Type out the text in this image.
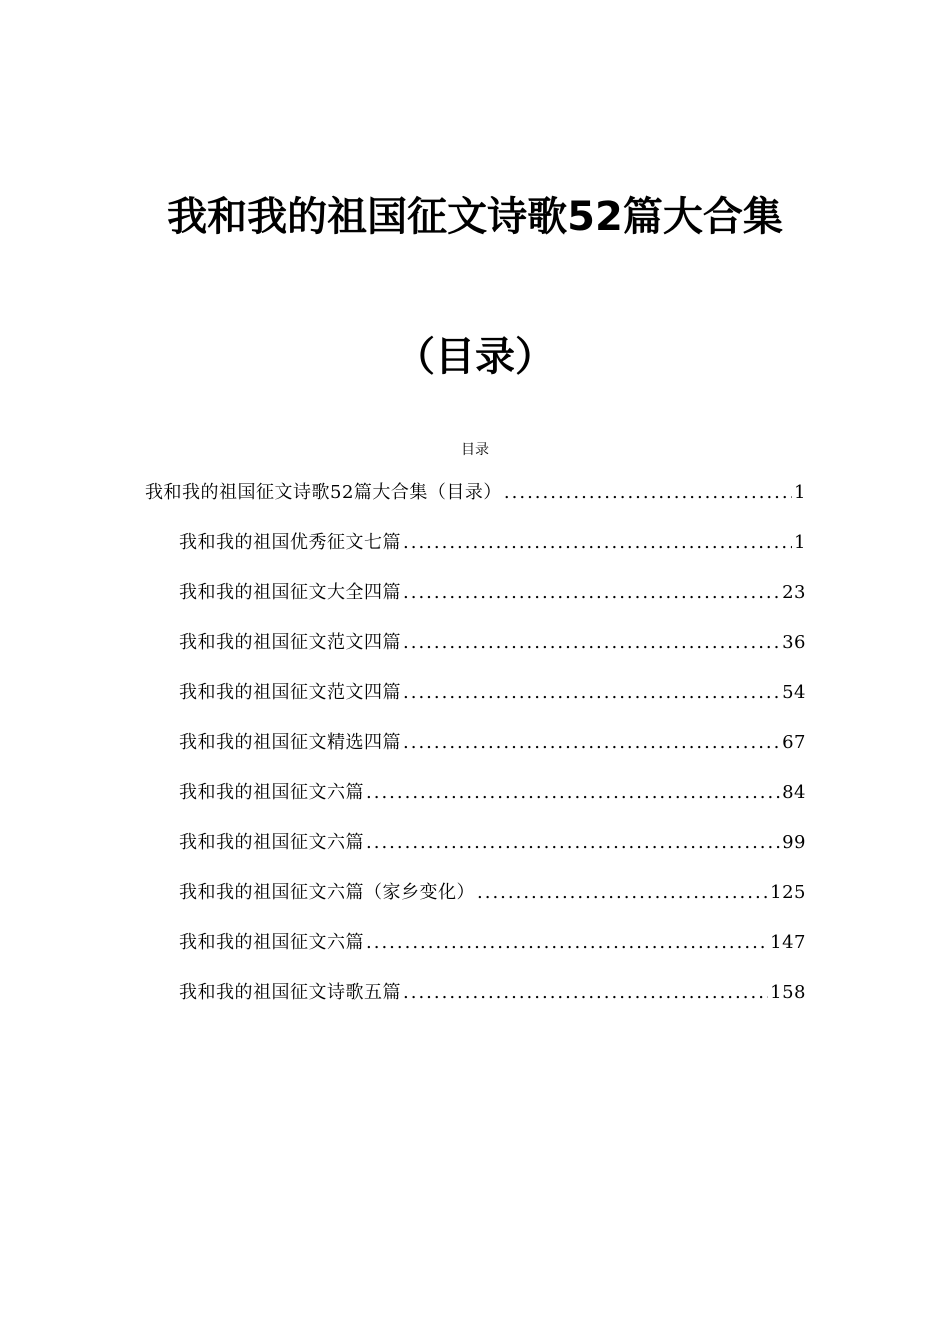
我和我的祖国征文诗歌52篇大合集
（目录）
目录
我和我的祖国征文诗歌52篇大合集（目录） .....	1
我和我的祖国优秀征文七篇 .....	1
我和我的祖国征文大全四篇 .....	23
我和我的祖国征文范文四篇 .....	36
我和我的祖国征文范文四篇 .....	54
我和我的祖国征文精选四篇 .....	67
我和我的祖国征文六篇 .....	84
我和我的祖国征文六篇 .....	99
我和我的祖国征文六篇（家乡变化） .....	125
我和我的祖国征文六篇 .....	147
我和我的祖国征文诗歌五篇 .....	158
